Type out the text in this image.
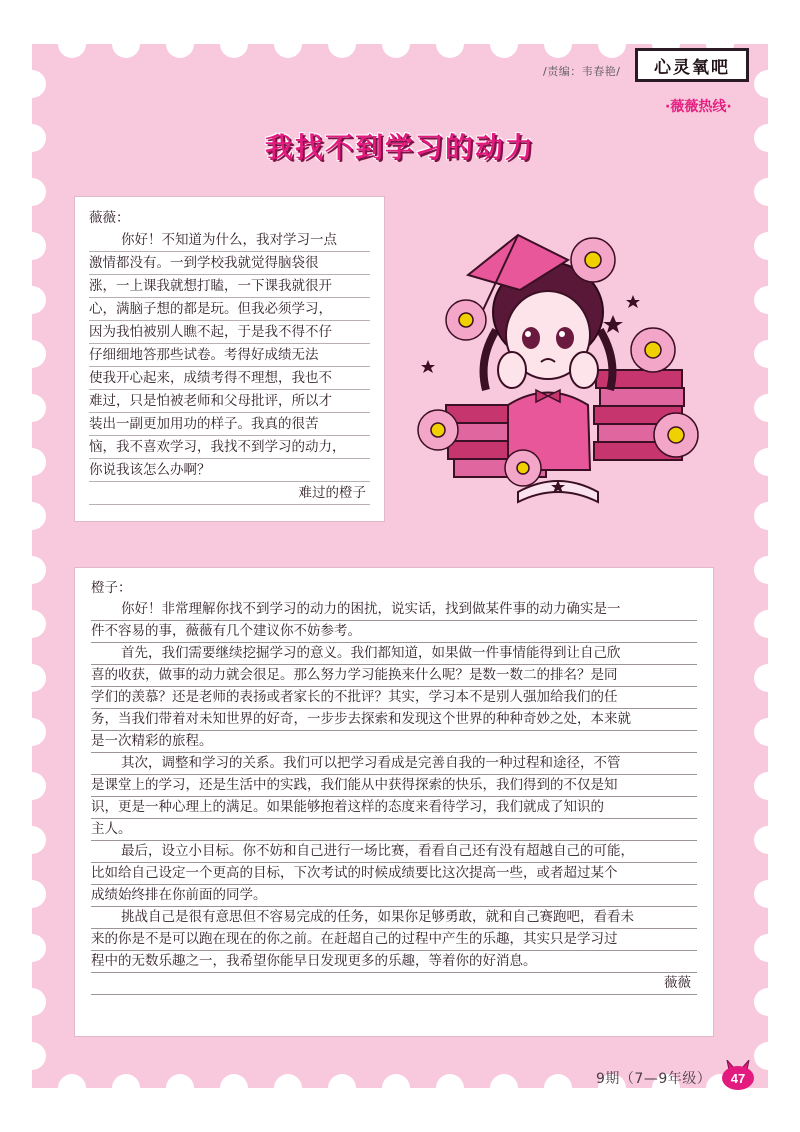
/责编：韦春艳/	心灵氧吧
·薇薇热线·
我找不到学习的动力
薇薇：
你好！不知道为什么，我对学习一点
激情都没有。一到学校我就觉得脑袋很
涨，一上课我就想打瞌，一下课我就很开
心，满脑子想的都是玩。但我必须学习，
因为我怕被别人瞧不起，于是我不得不仔
仔细细地答那些试卷。考得好成绩无法
使我开心起来，成绩考得不理想，我也不
难过，只是怕被老师和父母批评，所以才
装出一副更加用功的样子。我真的很苦
恼，我不喜欢学习，我找不到学习的动力，
你说我该怎么办啊？
难过的橙子
橙子：
你好！非常理解你找不到学习的动力的困扰，说实话，找到做某件事的动力确实是一
件不容易的事，薇薇有几个建议你不妨参考。
首先，我们需要继续挖掘学习的意义。我们都知道，如果做一件事情能得到让自己欣
喜的收获，做事的动力就会很足。那么努力学习能换来什么呢？是数一数二的排名？是同
学们的羡慕？还是老师的表扬或者家长的不批评？其实，学习本不是别人强加给我们的任
务，当我们带着对未知世界的好奇，一步步去探索和发现这个世界的种种奇妙之处，本来就
是一次精彩的旅程。
其次，调整和学习的关系。我们可以把学习看成是完善自我的一种过程和途径，不管
是课堂上的学习，还是生活中的实践，我们能从中获得探索的快乐，我们得到的不仅是知
识，更是一种心理上的满足。如果能够抱着这样的态度来看待学习，我们就成了知识的
主人。
最后，设立小目标。你不妨和自己进行一场比赛，看看自己还有没有超越自己的可能，
比如给自己设定一个更高的目标，下次考试的时候成绩要比这次提高一些，或者超过某个
成绩始终排在你前面的同学。
挑战自己是很有意思但不容易完成的任务，如果你足够勇敢，就和自己赛跑吧，看看未
来的你是不是可以跑在现在的你之前。在赶超自己的过程中产生的乐趣，其实只是学习过
程中的无数乐趣之一，我希望你能早日发现更多的乐趣，等着你的好消息。
薇薇
9期（7—9年级） 47
